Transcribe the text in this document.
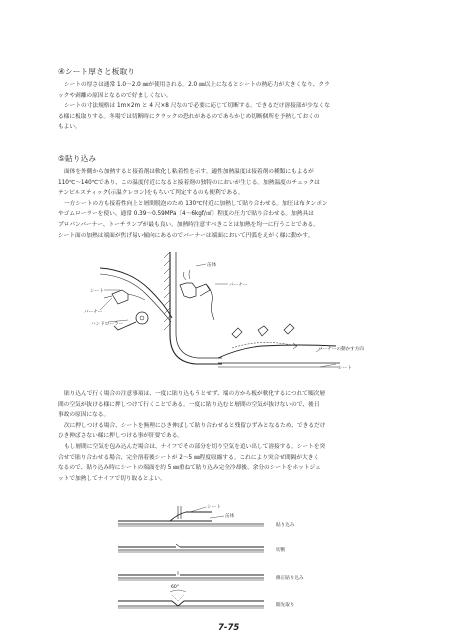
④シート厚さと板取り

シートの厚さは通常 1.0～2.0 ㎜が使用される。2.0 ㎜以上になるとシートの熱応力が大きくなり、クラ

ックや剥離の原因となるので好ましくない。

シートの寸法規格は 1m×2m と 4 尺×8 尺なので必要に応じて切断する。できるだけ溶接部が少なくな

る様に板取りする。冬場では切断時にクラックの恐れがあるのであらかじめ切断個所を予熱しておくの

もよい。

⑤貼り込み

面体を外側から加熱すると接着剤は軟化し粘着性を示す。適性加熱温度は接着剤の種類にもよるが

110℃～140℃であり、この温度付近になると接着剤の独特のにおいが生じる。加熱温度のチェックは

テンピルスティック(示温クレヨン)をもちいて判定するのも便利である。

一方シートの方も接着性向上と層間脱泡のため 130℃付近に加熱して貼り合わせる。加圧は布タンポン

やゴムローラーを使い、通常 0.39～0.59MPa〔4～6kgf/㎠〕程度の圧力で貼り合わせる。加熱具は

プロパンバーナー、トーチランプが最も良い。加熱時注意すべきことは加熱を均一に行うことである。

シート面の加熱は端面が焦げ易い傾向にあるのでバーナーは端面において円弧をえがく様に動かす。

缶体
バーナー
シート
バーナー
ハンドローラー
バーナーの動かす方向
シート

貼り込んで行く場合の注意事項は、一度に貼り込もうとせず、端の方から板が軟化するにつれて順次層

間の空気が抜ける様に押しつけて行くことである。一度に貼り込むと層間の空気が抜けないので、後日

事故の原因になる。

次に押しつける場合、シートを無理にひき伸ばして貼り合わせると残留ひずみとなるため、できるだけ

ひき伸ばさない様に押しつける事が肝要である。

もし層間に空気を包み込んだ場合は、ナイフでその部分を切り空気を追い出して溶接する。シートを突

合せで貼り合わせる場合、完全溶着後シートが 2～5 ㎜程度収縮する。これにより突合せ間隔が大きく

なるので、貼り込み時にシートの端面を約 5 ㎜重ねて貼り込み完全冷却後、余分のシートをホットジェ

ットで加熱してナイフで切り取るとよい。

シート
缶体
貼り込み
切断
修正貼り込み
開先取り
60°
7-75
